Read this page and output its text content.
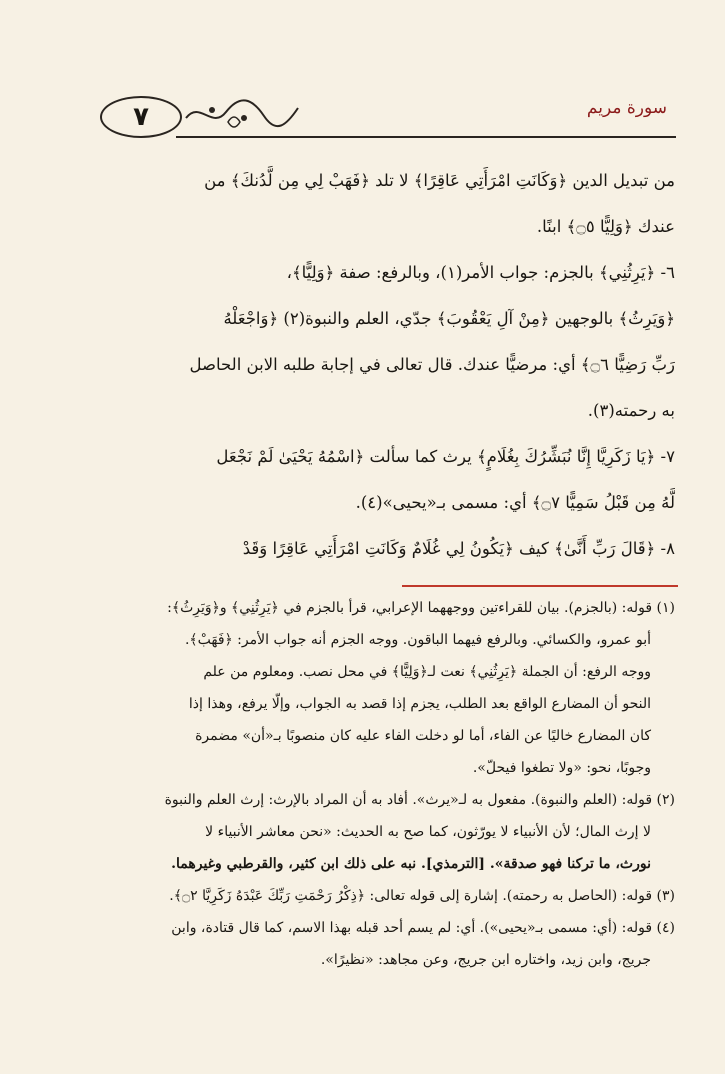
٧	سورة مريم
من تبديل الدين ﴿وَكَانَتِ امْرَأَتِي عَاقِرًا﴾ لا تلد ﴿فَهَبْ لِي مِن لَّدُنكَ﴾ من
عندك ﴿وَلِيًّا ۝٥﴾ ابنًا.
٦- ﴿يَرِثُنِي﴾ بالجزم: جواب الأمر(١)، وبالرفع: صفة ﴿وَلِيًّا﴾،
﴿وَيَرِثُ﴾ بالوجهين ﴿مِنْ آلِ يَعْقُوبَ﴾ جدّي، العلم والنبوة(٢) ﴿وَاجْعَلْهُ
رَبِّ رَضِيًّا ۝٦﴾ أي: مرضيًّا عندك. قال تعالى في إجابة طلبه الابن الحاصل
به رحمته(٣).
٧- ﴿يَا زَكَرِيَّا إِنَّا نُبَشِّرُكَ بِغُلَامٍ﴾ يرث كما سألت ﴿اسْمُهُ يَحْيَىٰ لَمْ نَجْعَل
لَّهُ مِن قَبْلُ سَمِيًّا ۝٧﴾ أي: مسمى بـ«يحيى»(٤).
٨- ﴿قَالَ رَبِّ أَنَّىٰ﴾ كيف ﴿يَكُونُ لِي غُلَامٌ وَكَانَتِ امْرَأَتِي عَاقِرًا وَقَدْ
(١) قوله: (بالجزم). بيان للقراءتين ووجههما الإعرابي، قرأ بالجزم في ﴿يَرِثُنِي﴾ و﴿وَيَرِثُ﴾:
أبو عمرو، والكسائي. وبالرفع فيهما الباقون. ووجه الجزم أنه جواب الأمر: ﴿فَهَبْ﴾.
ووجه الرفع: أن الجملة ﴿يَرِثُنِي﴾ نعت لـ﴿وَلِيًّا﴾ في محل نصب. ومعلوم من علم
النحو أن المضارع الواقع بعد الطلب، يجزم إذا قصد به الجواب، وإلّا يرفع، وهذا إذا
كان المضارع خاليًا عن الفاء، أما لو دخلت الفاء عليه كان منصوبًا بـ«أن» مضمرة
وجوبًا، نحو: «ولا تطغوا فيحلّ».
(٢) قوله: (العلم والنبوة). مفعول به لـ«يرث». أفاد به أن المراد بالإرث: إرث العلم والنبوة
لا إرث المال؛ لأن الأنبياء لا يورّثون، كما صح به الحديث: «نحن معاشر الأنبياء لا
نورث، ما تركنا فهو صدقة». [الترمذي]. نبه على ذلك ابن كثير، والقرطبي وغيرهما.
(٣) قوله: (الحاصل به رحمته). إشارة إلى قوله تعالى: ﴿ذِكْرُ رَحْمَتِ رَبِّكَ عَبْدَهُ زَكَرِيَّا ۝٢﴾.
(٤) قوله: (أي: مسمى بـ«يحيى»). أي: لم يسم أحد قبله بهذا الاسم، كما قال قتادة، وابن
جريج، وابن زيد، واختاره ابن جريج، وعن مجاهد: «نظيرًا».
